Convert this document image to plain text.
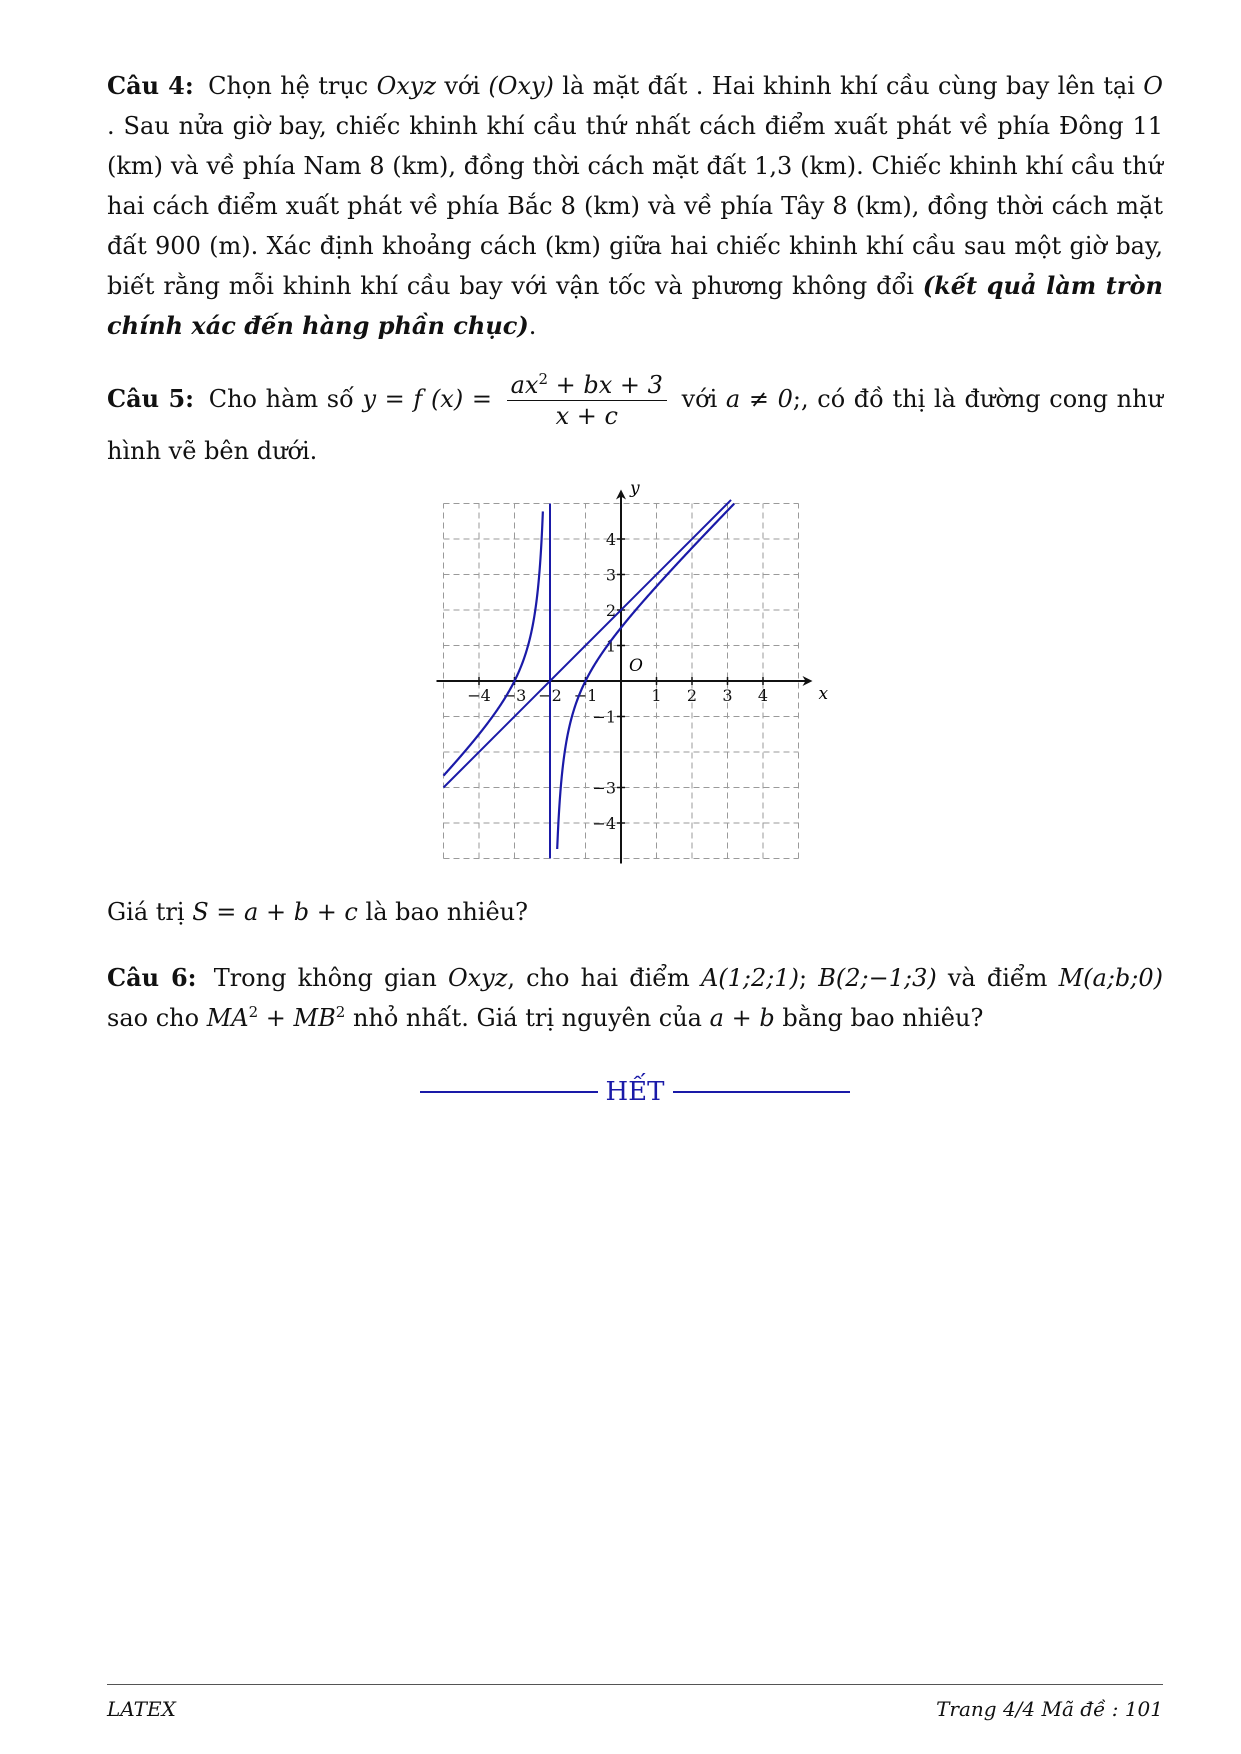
Câu 4: Chọn hệ trục Oxyz với (Oxy) là mặt đất . Hai khinh khí cầu cùng bay lên tại O . Sau nửa giờ bay, chiếc khinh khí cầu thứ nhất cách điểm xuất phát về phía Đông 11 (km) và về phía Nam 8 (km), đồng thời cách mặt đất 1,3 (km). Chiếc khinh khí cầu thứ hai cách điểm xuất phát về phía Bắc 8 (km) và về phía Tây 8 (km), đồng thời cách mặt đất 900 (m). Xác định khoảng cách (km) giữa hai chiếc khinh khí cầu sau một giờ bay, biết rằng mỗi khinh khí cầu bay với vận tốc và phương không đổi (kết quả làm tròn chính xác đến hàng phần chục).
Câu 5: Cho hàm số y = f $(x) = \frac{ax^2 + bx + 3}{x + c}$ với a ≠ 0;, có đồ thị là đường cong như hình vẽ bên dưới.
x
y
O
−4 −3 −2 −1	1 2 3 4
4
3
2
1
−1
−3
−4
Giá trị S = a + b + c là bao nhiêu?
Câu 6: Trong không gian Oxyz, cho hai điểm A(1;2;1); B(2;−1;3) và điểm M(a;b;0) sao cho $MA^2 + MB^2$ nhỏ nhất. Giá trị nguyên của a + b bằng bao nhiêu?
HẾT
LATEX	Trang 4/4 Mã đề : 101
